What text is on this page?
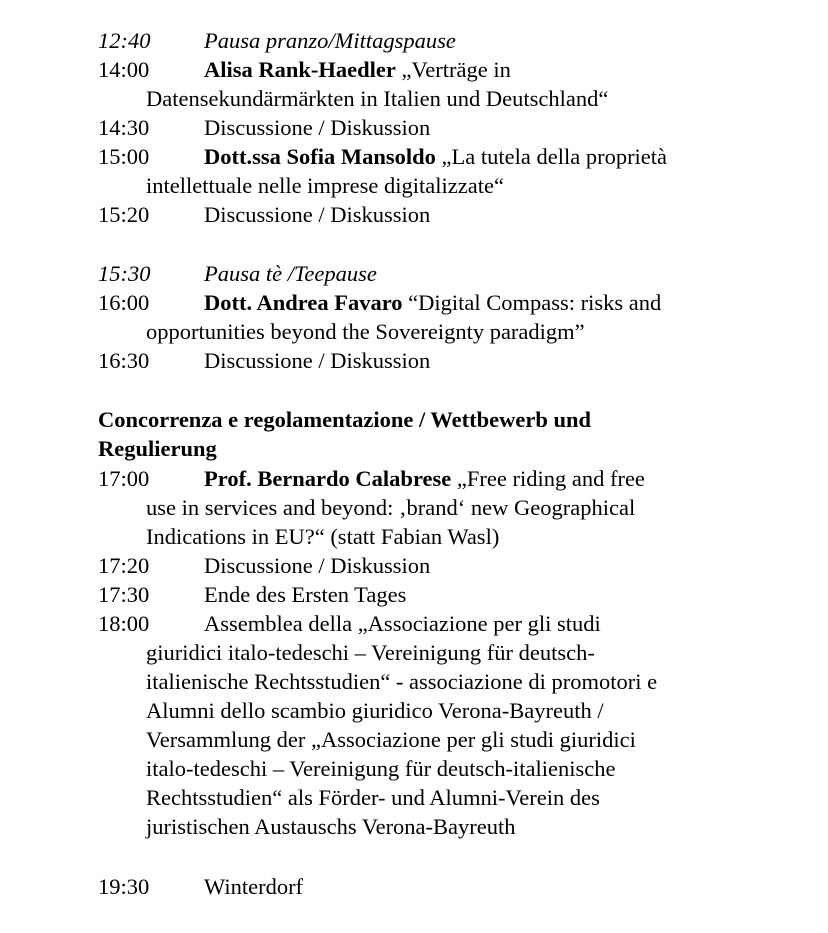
12:40 Pausa pranzo/Mittagspause
14:00 Alisa Rank-Haedler „Verträge in
Datensekundärmärkten in Italien und Deutschland“
14:30 Discussione / Diskussion
15:00 Dott.ssa Sofia Mansoldo „La tutela della proprietà
intellettuale nelle imprese digitalizzate“
15:20 Discussione / Diskussion
15:30 Pausa tè /Teepause
16:00 Dott. Andrea Favaro “Digital Compass: risks and
opportunities beyond the Sovereignty paradigm”
16:30 Discussione / Diskussion
Concorrenza e regolamentazione / Wettbewerb und
Regulierung
17:00 Prof. Bernardo Calabrese „Free riding and free
use in services and beyond: ‚brand‘ new Geographical
Indications in EU?“ (statt Fabian Wasl)
17:20 Discussione / Diskussion
17:30 Ende des Ersten Tages
18:00 Assemblea della „Associazione per gli studi
giuridici italo-tedeschi – Vereinigung für deutsch-
italienische Rechtsstudien“ - associazione di promotori e
Alumni dello scambio giuridico Verona-Bayreuth /
Versammlung der „Associazione per gli studi giuridici
italo-tedeschi – Vereinigung für deutsch-italienische
Rechtsstudien“ als Förder- und Alumni-Verein des
juristischen Austauschs Verona-Bayreuth
19:30 Winterdorf
